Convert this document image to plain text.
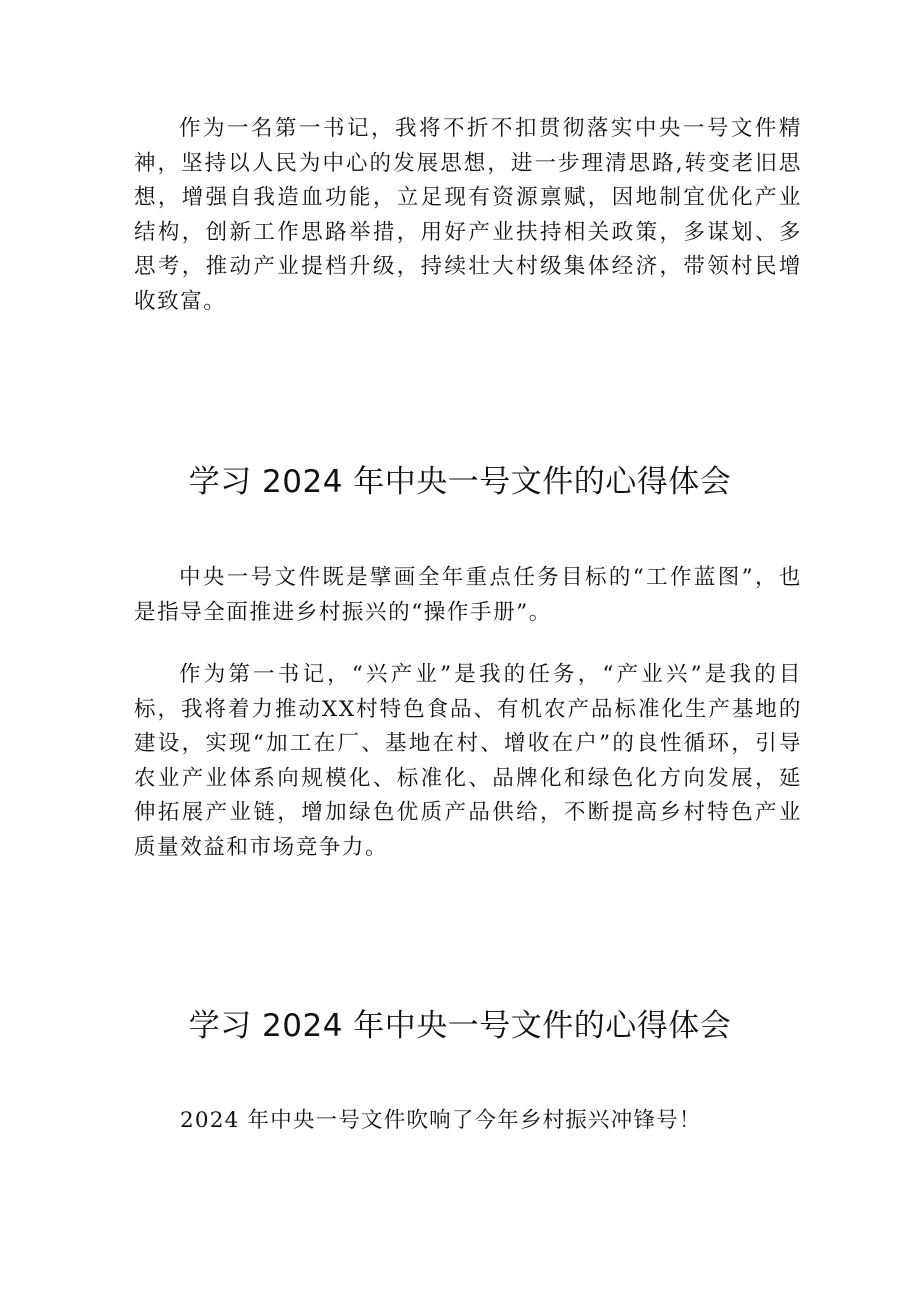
作为一名第一书记，我将不折不扣贯彻落实中央一号文件精神，坚持以人民为中心的发展思想，进一步理清思路,转变老旧思想，增强自我造血功能，立足现有资源禀赋，因地制宜优化产业结构，创新工作思路举措，用好产业扶持相关政策，多谋划、多思考，推动产业提档升级，持续壮大村级集体经济，带领村民增收致富。

学习 2024 年中央一号文件的心得体会

中央一号文件既是擘画全年重点任务目标的“工作蓝图”，也是指导全面推进乡村振兴的“操作手册”。

作为第一书记，“兴产业”是我的任务，“产业兴”是我的目标，我将着力推动XX村特色食品、有机农产品标准化生产基地的建设，实现“加工在厂、基地在村、增收在户”的良性循环，引导农业产业体系向规模化、标准化、品牌化和绿色化方向发展，延伸拓展产业链，增加绿色优质产品供给，不断提高乡村特色产业质量效益和市场竞争力。

学习 2024 年中央一号文件的心得体会

2024 年中央一号文件吹响了今年乡村振兴冲锋号！
